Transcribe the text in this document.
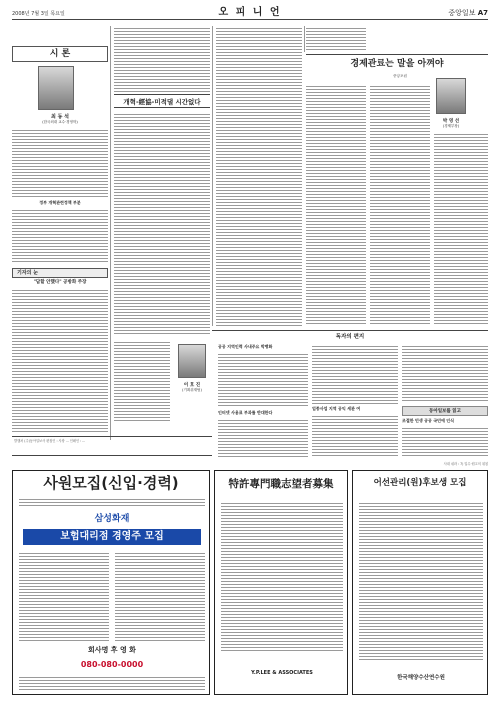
2008년 7월 3일 목요일	오 피 니 언	중앙일보 A7
시 론
최 동 석
(한국외대 교수·경영학)
정부 개혁관련정책 부분
기자의 눈
"답할 안했다" 공방화 주장
개혁-經協-미적댈 시간없다
이 호 진
(기획취재팀)
경제관료는 말을 아껴야
중앙포럼
박 영 선
(경제부장)
독자의 편지
공공 지역인력 사내주요 박병화
인터넷 사용료 부과를 반대한다
업종사업 지역 공익 세관 여
동아일보를 읽고
조절한 민생 공공 국민에 인식
발행처 (주)동아일보사 편집인 : 사장 ... 인쇄인 : ...
사내 쉬라 : 7) 입수·원고의 취침
사원모집(신입·경력)
삼성화재
보험대리점 경영주 모집
회사명 후 영 화
080-080-0000
特許專門職志望者募集
Y.P.LEE & ASSOCIATES
어선관리(원)후보생 모집
한국해양수산연수원
